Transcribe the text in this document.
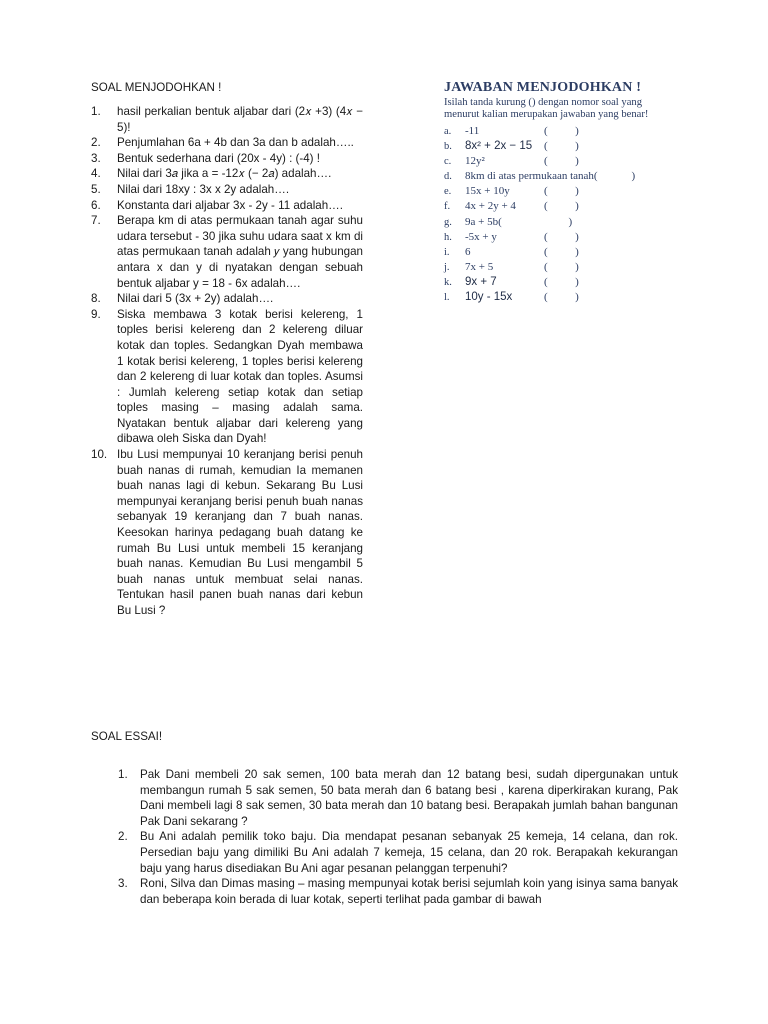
SOAL MENJODOHKAN !
1. hasil perkalian bentuk aljabar dari (2𝑥 +3) (4𝑥 − 5)!
2. Penjumlahan 6a + 4b dan 3a dan b adalah…..
3. Bentuk sederhana dari (20x - 4y) : (-4) !
4. Nilai dari 3𝑎 jika a = -12𝑥 (− 2𝑎) adalah….
5. Nilai dari 18xy : 3x x 2y adalah….
6. Konstanta dari aljabar 3x - 2y - 11 adalah….
7. Berapa km di atas permukaan tanah agar suhu udara tersebut - 30 jika suhu udara saat x km di atas permukaan tanah adalah 𝑦 yang hubungan antara x dan y di nyatakan dengan sebuah bentuk aljabar y = 18 - 6x adalah….
8. Nilai dari 5 (3x + 2y) adalah….
9. Siska membawa 3 kotak berisi kelereng, 1 toples berisi kelereng dan 2 kelereng diluar kotak dan toples. Sedangkan Dyah membawa 1 kotak berisi kelereng, 1 toples berisi kelereng dan 2 kelereng di luar kotak dan toples. Asumsi : Jumlah kelereng setiap kotak dan setiap toples masing – masing adalah sama. Nyatakan bentuk aljabar dari kelereng yang dibawa oleh Siska dan Dyah!
10. Ibu Lusi mempunyai 10 keranjang berisi penuh buah nanas di rumah, kemudian Ia memanen buah nanas lagi di kebun. Sekarang Bu Lusi mempunyai keranjang berisi penuh buah nanas sebanyak 19 keranjang dan 7 buah nanas. Keesokan harinya pedagang buah datang ke rumah Bu Lusi untuk membeli 15 keranjang buah nanas. Kemudian Bu Lusi mengambil 5 buah nanas untuk membuat selai nanas. Tentukan hasil panen buah nanas dari kebun Bu Lusi ?
JAWABAN MENJODOHKAN !
Isilah tanda kurung () dengan nomor soal yang menurut kalian merupakan jawaban yang benar!
a. -11	(          )
b. 8x² + 2x − 15 (          )
c. 12y²	(          )
d. 8km di atas permukaan tanah( )
e. 15x + 10y	(          )
f. 4x + 2y + 4	(          )
g. 9a + 5b(	)
h. -5x + y	(          )
i. 6	(          )
j. 7x + 5	(          )
k. 9x + 7	(          )
l. 10y - 15x	(          )
SOAL ESSAI!
1. Pak Dani membeli 20 sak semen, 100 bata merah dan 12 batang besi, sudah dipergunakan untuk membangun rumah 5 sak semen, 50 bata merah dan 6 batang besi , karena diperkirakan kurang, Pak Dani membeli lagi 8 sak semen, 30 bata merah dan 10 batang besi. Berapakah jumlah bahan bangunan Pak Dani sekarang ?
2. Bu Ani adalah pemilik toko baju. Dia mendapat pesanan sebanyak 25 kemeja, 14 celana, dan rok. Persedian baju yang dimiliki Bu Ani adalah 7 kemeja, 15 celana, dan 20 rok. Berapakah kekurangan baju yang harus disediakan Bu Ani agar pesanan pelanggan terpenuhi?
3. Roni, Silva dan Dimas masing – masing mempunyai kotak berisi sejumlah koin yang isinya sama banyak dan beberapa koin berada di luar kotak, seperti terlihat pada gambar di bawah
